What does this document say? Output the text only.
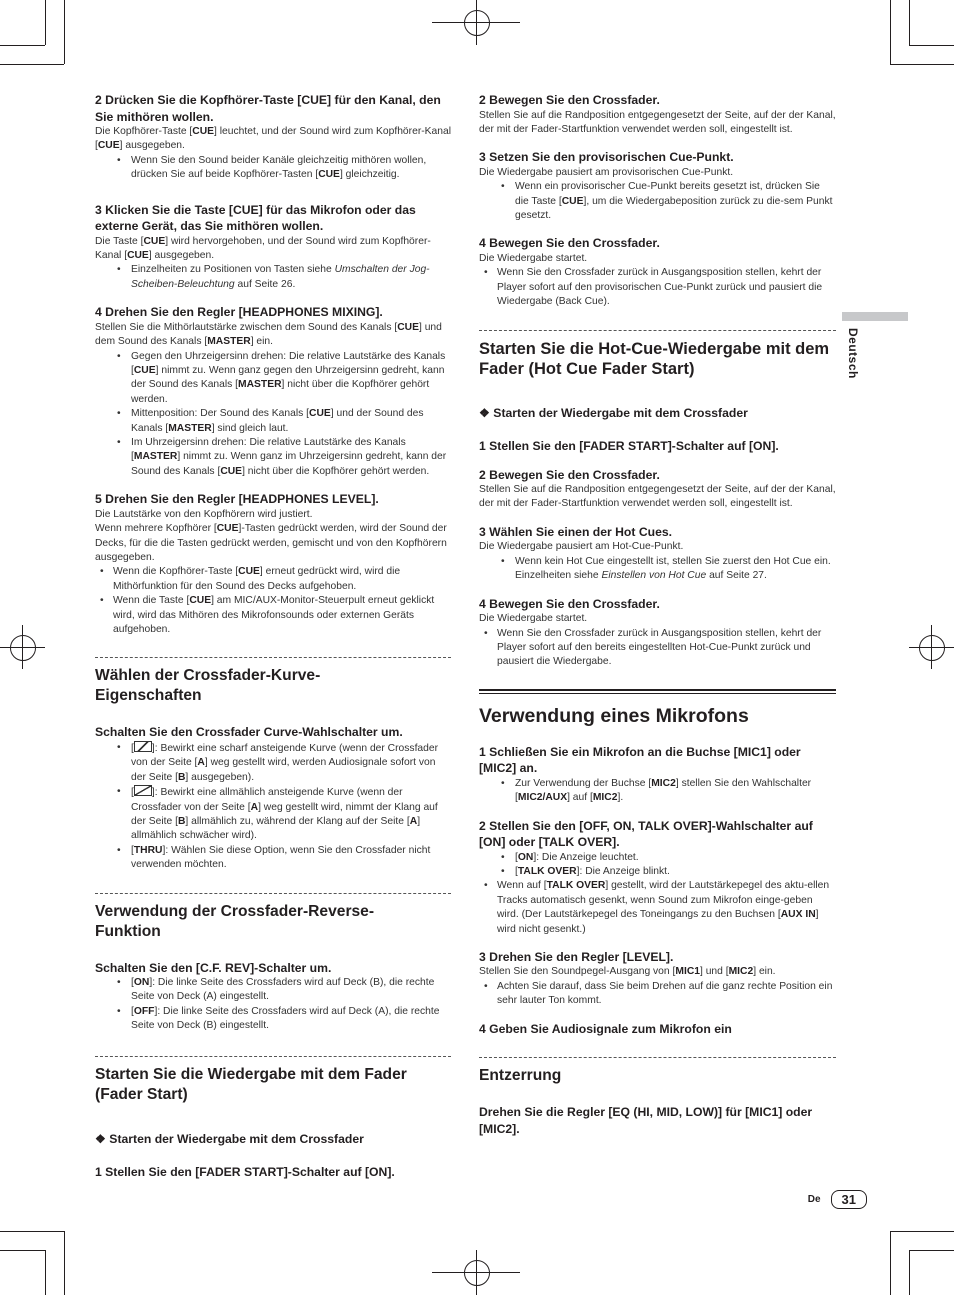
2 Drücken Sie die Kopfhörer-Taste [CUE] für den Kanal, den Sie mithören wollen.

Die Kopfhörer-Taste [CUE] leuchtet, und der Sound wird zum Kopfhörer-Kanal [CUE] ausgegeben.

• Wenn Sie den Sound beider Kanäle gleichzeitig mithören wollen, drücken Sie auf beide Kopfhörer-Tasten [CUE] gleichzeitig.

3 Klicken Sie die Taste [CUE] für das Mikrofon oder das externe Gerät, das Sie mithören wollen.

Die Taste [CUE] wird hervorgehoben, und der Sound wird zum Kopfhörer-Kanal [CUE] ausgegeben.

• Einzelheiten zu Positionen von Tasten siehe Umschalten der Jog-Scheiben-Beleuchtung auf Seite 26.

4 Drehen Sie den Regler [HEADPHONES MIXING].

Stellen Sie die Mithörlautstärke zwischen dem Sound des Kanals [CUE] und dem Sound des Kanals [MASTER] ein.

• Gegen den Uhrzeigersinn drehen: Die relative Lautstärke des Kanals [CUE] nimmt zu. Wenn ganz gegen den Uhrzeigersinn gedreht, kann der Sound des Kanals [MASTER] nicht über die Kopfhörer gehört werden.
• Mittenposition: Der Sound des Kanals [CUE] und der Sound des Kanals [MASTER] sind gleich laut.
• Im Uhrzeigersinn drehen: Die relative Lautstärke des Kanals [MASTER] nimmt zu. Wenn ganz im Uhrzeigersinn gedreht, kann der Sound des Kanals [CUE] nicht über die Kopfhörer gehört werden.

5 Drehen Sie den Regler [HEADPHONES LEVEL].

Die Lautstärke von den Kopfhörern wird justiert.

Wenn mehrere Kopfhörer [CUE]-Tasten gedrückt werden, wird der Sound der Decks, für die die Tasten gedrückt werden, gemischt und von den Kopfhörern ausgegeben.

• Wenn die Kopfhörer-Taste [CUE] erneut gedrückt wird, wird die Mithörfunktion für den Sound des Decks aufgehoben.
• Wenn die Taste [CUE] am MIC/AUX-Monitor-Steuerpult erneut geklickt wird, wird das Mithören des Mikrofonsounds oder externen Geräts aufgehoben.

Wählen der Crossfader-Kurve-Eigenschaften

Schalten Sie den Crossfader Curve-Wahlschalter um.

• [ ]: Bewirkt eine scharf ansteigende Kurve (wenn der Crossfader von der Seite [A] weg gestellt wird, werden Audiosignale sofort von der Seite [B] ausgegeben).
• [ ]: Bewirkt eine allmählich ansteigende Kurve (wenn der Crossfader von der Seite [A] weg gestellt wird, nimmt der Klang auf der Seite [B] allmählich zu, während der Klang auf der Seite [A] allmählich schwächer wird).
• [THRU]: Wählen Sie diese Option, wenn Sie den Crossfader nicht verwenden möchten.

Verwendung der Crossfader-Reverse-Funktion

Schalten Sie den [C.F. REV]-Schalter um.

• [ON]: Die linke Seite des Crossfaders wird auf Deck (B), die rechte Seite von Deck (A) eingestellt.
• [OFF]: Die linke Seite des Crossfaders wird auf Deck (A), die rechte Seite von Deck (B) eingestellt.

Starten Sie die Wiedergabe mit dem Fader (Fader Start)

❖ Starten der Wiedergabe mit dem Crossfader

1 Stellen Sie den [FADER START]-Schalter auf [ON].

2 Bewegen Sie den Crossfader.

Stellen Sie auf die Randposition entgegengesetzt der Seite, auf der der Kanal, der mit der Fader-Startfunktion verwendet werden soll, eingestellt ist.

3 Setzen Sie den provisorischen Cue-Punkt.

Die Wiedergabe pausiert am provisorischen Cue-Punkt.

• Wenn ein provisorischer Cue-Punkt bereits gesetzt ist, drücken Sie die Taste [CUE], um die Wiedergabeposition zurück zu die-sem Punkt gesetzt.

4 Bewegen Sie den Crossfader.

Die Wiedergabe startet.

• Wenn Sie den Crossfader zurück in Ausgangsposition stellen, kehrt der Player sofort auf den provisorischen Cue-Punkt zurück und pausiert die Wiedergabe (Back Cue).

Starten Sie die Hot-Cue-Wiedergabe mit dem Fader (Hot Cue Fader Start)

❖ Starten der Wiedergabe mit dem Crossfader

1 Stellen Sie den [FADER START]-Schalter auf [ON].

2 Bewegen Sie den Crossfader.

Stellen Sie auf die Randposition entgegengesetzt der Seite, auf der der Kanal, der mit der Fader-Startfunktion verwendet werden soll, eingestellt ist.

3 Wählen Sie einen der Hot Cues.

Die Wiedergabe pausiert am Hot-Cue-Punkt.

• Wenn kein Hot Cue eingestellt ist, stellen Sie zuerst den Hot Cue ein.
Einzelheiten siehe Einstellen von Hot Cue auf Seite 27.

4 Bewegen Sie den Crossfader.

Die Wiedergabe startet.

• Wenn Sie den Crossfader zurück in Ausgangsposition stellen, kehrt der Player sofort auf den bereits eingestellten Hot-Cue-Punkt zurück und pausiert die Wiedergabe.

Verwendung eines Mikrofons

1 Schließen Sie ein Mikrofon an die Buchse [MIC1] oder [MIC2] an.

• Zur Verwendung der Buchse [MIC2] stellen Sie den Wahlschalter [MIC2/AUX] auf [MIC2].

2 Stellen Sie den [OFF, ON, TALK OVER]-Wahlschalter auf [ON] oder [TALK OVER].

• [ON]: Die Anzeige leuchtet.
• [TALK OVER]: Die Anzeige blinkt.
• Wenn auf [TALK OVER] gestellt, wird der Lautstärkepegel des aktu-ellen Tracks automatisch gesenkt, wenn Sound zum Mikrofon einge-geben wird. (Der Lautstärkepegel des Toneingangs zu den Buchsen [AUX IN] wird nicht gesenkt.)

3 Drehen Sie den Regler [LEVEL].

Stellen Sie den Soundpegel-Ausgang von [MIC1] und [MIC2] ein.

• Achten Sie darauf, dass Sie beim Drehen auf die ganz rechte Position ein sehr lauter Ton kommt.

4 Geben Sie Audiosignale zum Mikrofon ein

Entzerrung

Drehen Sie die Regler [EQ (HI, MID, LOW)] für [MIC1] oder [MIC2].

Deutsch
De	31
